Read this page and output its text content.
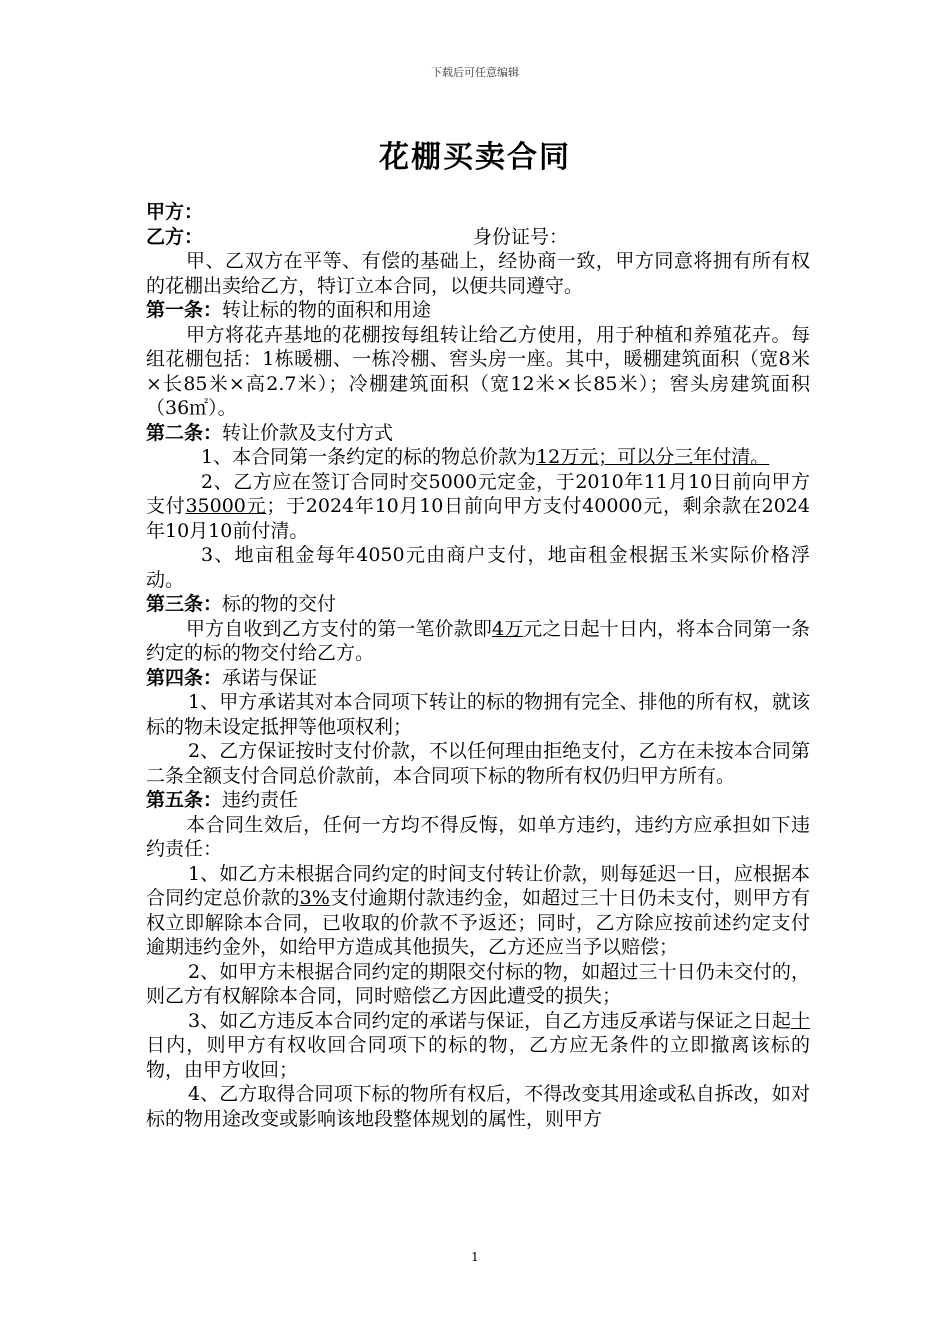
下载后可任意编辑
花棚买卖合同

甲方：

乙方：	身份证号：

甲、乙双方在平等、有偿的基础上，经协商一致，甲方同意将拥有所有权的花棚出卖给乙方，特订立本合同，以便共同遵守。

第一条：转让标的物的面积和用途

甲方将花卉基地的花棚按每组转让给乙方使用，用于种植和养殖花卉。每组花棚包括：1栋暖棚、一栋冷棚、窖头房一座。其中，暖棚建筑面积（宽8米×长85米×高2.7米）；冷棚建筑面积（宽12米×长85米）；窖头房建筑面积（36㎡）。

第二条：转让价款及支付方式

1、本合同第一条约定的标的物总价款为12万元；可以分三年付清。

2、乙方应在签订合同时交5000元定金，于2010年11月10日前向甲方支付35000元；于2024年10月10日前向甲方支付40000元，剩余款在2024年10月10前付清。

3、地亩租金每年4050元由商户支付，地亩租金根据玉米实际价格浮动。

第三条：标的物的交付

甲方自收到乙方支付的第一笔价款即4万元之日起十日内，将本合同第一条约定的标的物交付给乙方。

第四条：承诺与保证

1、甲方承诺其对本合同项下转让的标的物拥有完全、排他的所有权，就该标的物未设定抵押等他项权利；

2、乙方保证按时支付价款，不以任何理由拒绝支付，乙方在未按本合同第二条全额支付合同总价款前，本合同项下标的物所有权仍归甲方所有。

第五条：违约责任

本合同生效后，任何一方均不得反悔，如单方违约，违约方应承担如下违约责任：

1、如乙方未根据合同约定的时间支付转让价款，则每延迟一日，应根据本合同约定总价款的3%支付逾期付款违约金，如超过三十日仍未支付，则甲方有权立即解除本合同，已收取的价款不予返还；同时，乙方除应按前述约定支付逾期违约金外，如给甲方造成其他损失，乙方还应当予以赔偿；

2、如甲方未根据合同约定的期限交付标的物，如超过三十日仍未交付的，则乙方有权解除本合同，同时赔偿乙方因此遭受的损失；

3、如乙方违反本合同约定的承诺与保证，自乙方违反承诺与保证之日起十日内，则甲方有权收回合同项下的标的物，乙方应无条件的立即撤离该标的物，由甲方收回；

4、乙方取得合同项下标的物所有权后，不得改变其用途或私自拆改，如对标的物用途改变或影响该地段整体规划的属性，则甲方

1
